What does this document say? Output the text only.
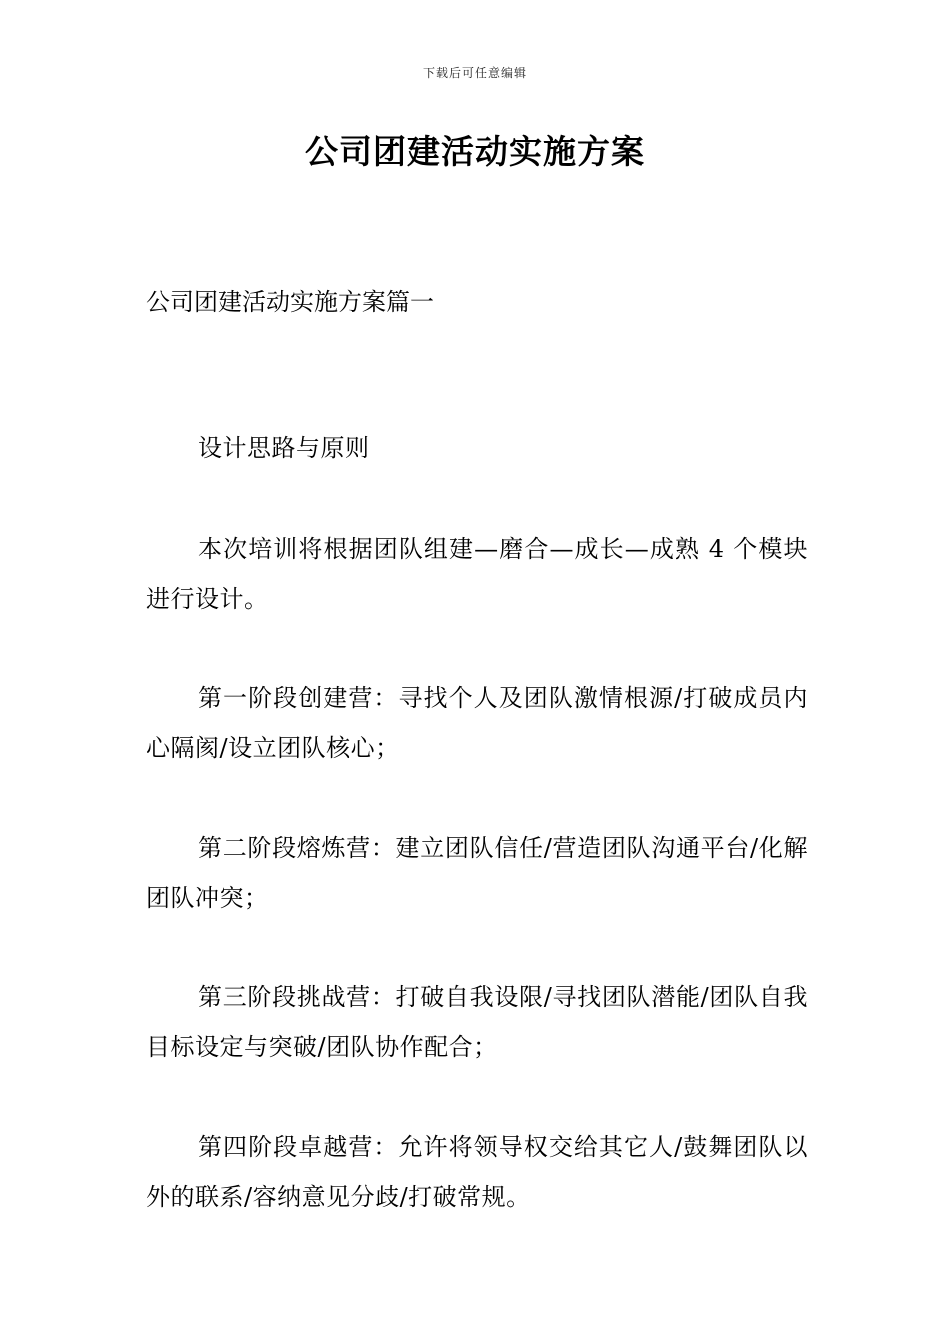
下载后可任意编辑
公司团建活动实施方案

公司团建活动实施方案篇一

设计思路与原则

本次培训将根据团队组建—磨合—成长—成熟 4 个模块进行设计。

第一阶段创建营：寻找个人及团队激情根源/打破成员内心隔阂/设立团队核心；

第二阶段熔炼营：建立团队信任/营造团队沟通平台/化解团队冲突；

第三阶段挑战营：打破自我设限/寻找团队潜能/团队自我目标设定与突破/团队协作配合；

第四阶段卓越营：允许将领导权交给其它人/鼓舞团队以外的联系/容纳意见分歧/打破常规。
